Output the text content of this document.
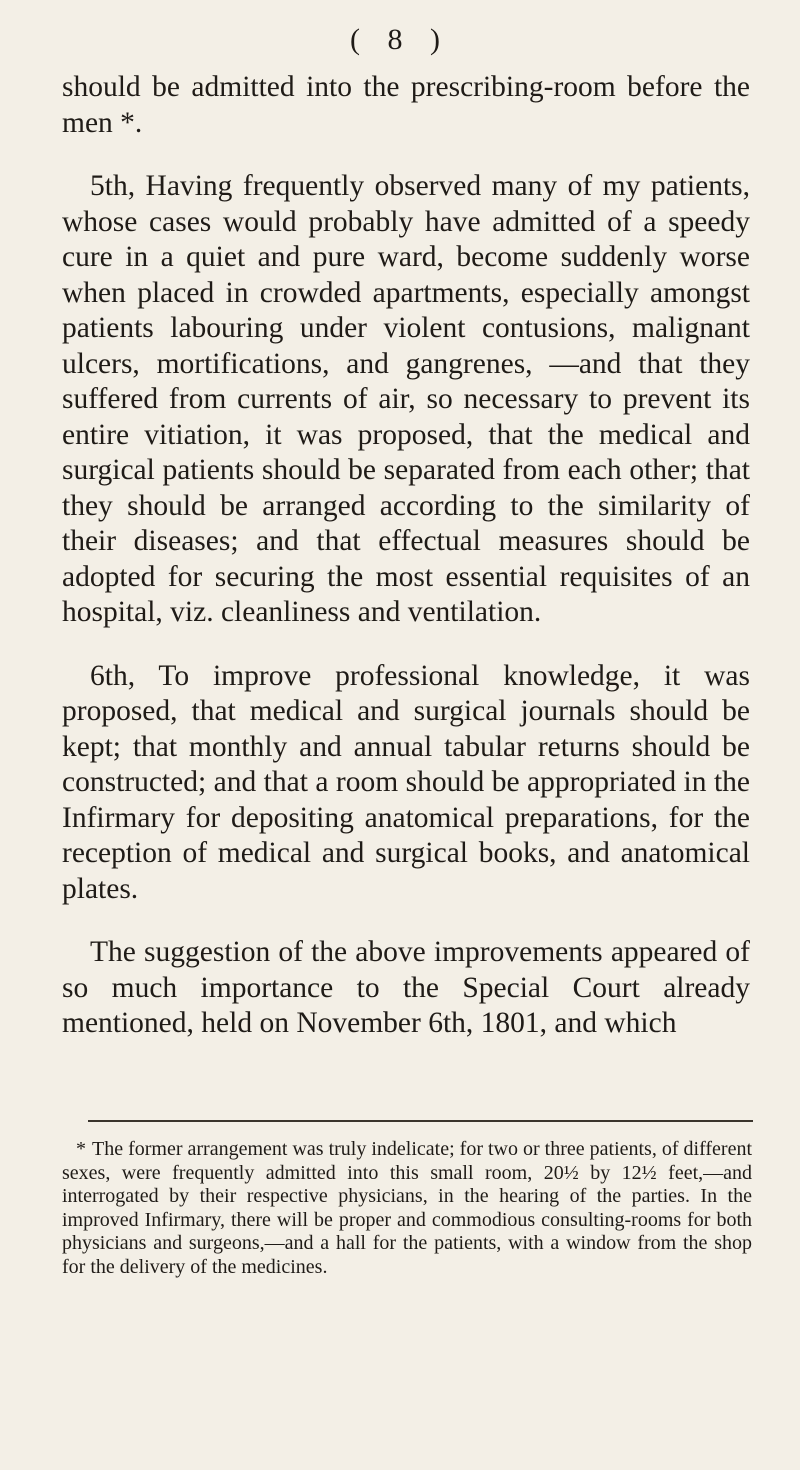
( 8 )

should be admitted into the prescribing-room before the men *.

5th, Having frequently observed many of my patients, whose cases would probably have admitted of a speedy cure in a quiet and pure ward, become suddenly worse when placed in crowded apartments, especially amongst patients labouring under violent contusions, malignant ulcers, mortifications, and gangrenes, —and that they suffered from currents of air, so necessary to prevent its entire vitiation, it was proposed, that the medical and surgical patients should be separated from each other; that they should be arranged according to the similarity of their diseases; and that effectual measures should be adopted for securing the most essential requisites of an hospital, viz. cleanliness and ventilation.

6th, To improve professional knowledge, it was proposed, that medical and surgical journals should be kept; that monthly and annual tabular returns should be constructed; and that a room should be appropriated in the Infirmary for depositing anatomical preparations, for the reception of medical and surgical books, and anatomical plates.

The suggestion of the above improvements appeared of so much importance to the Special Court already mentioned, held on November 6th, 1801, and which

* The former arrangement was truly indelicate; for two or three patients, of different sexes, were frequently admitted into this small room, 20½ by 12½ feet,—and interrogated by their respective physicians, in the hearing of the parties. In the improved Infirmary, there will be proper and commodious consulting-rooms for both physicians and surgeons,—and a hall for the patients, with a window from the shop for the delivery of the medicines.
